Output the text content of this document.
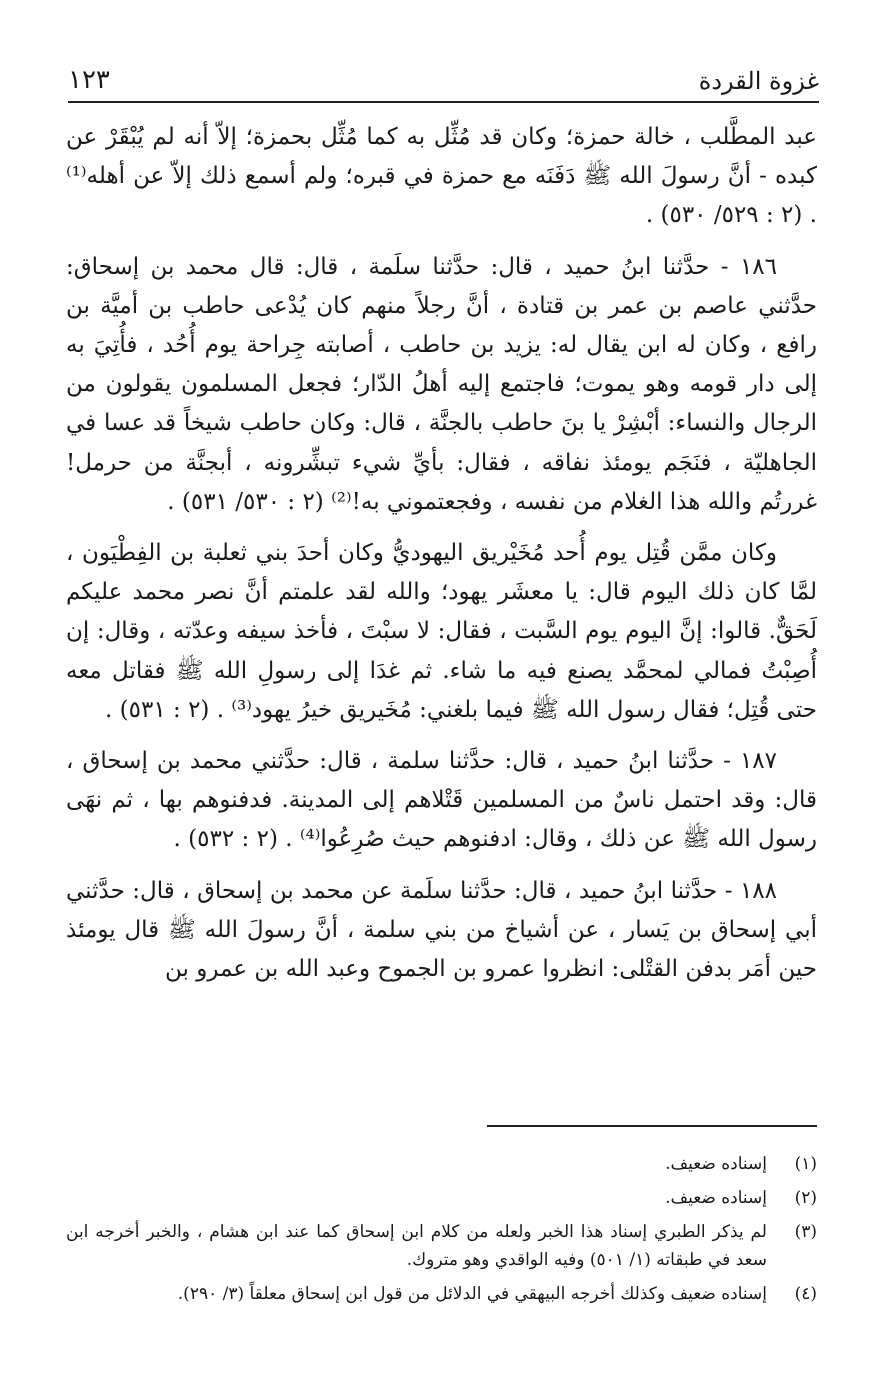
غزوة القردة
١٢٣

عبد المطَّلب ، خالة حمزة؛ وكان قد مُثِّل به كما مُثِّل بحمزة؛ إلاّ أنه لم يُبْقَرْ عن كبده - أنَّ رسولَ الله ﷺ دَفَنَه مع حمزة في قبره؛ ولم أسمع ذلك إلاّ عن أهله⁽¹⁾ . (٢ : ٥٢٩/ ٥٣٠) .

١٨٦ - حدَّثنا ابنُ حميد ، قال: حدَّثنا سلَمة ، قال: قال محمد بن إسحاق: حدَّثني عاصم بن عمر بن قتادة ، أنَّ رجلاً منهم كان يُدْعى حاطب بن أميَّة بن رافع ، وكان له ابن يقال له: يزيد بن حاطب ، أصابته جِراحة يوم أُحُد ، فأُتِيَ به إلى دار قومه وهو يموت؛ فاجتمع إليه أهلُ الدّار؛ فجعل المسلمون يقولون من الرجال والنساء: أبْشِرْ يا بنَ حاطب بالجنَّة ، قال: وكان حاطب شيخاً قد عسا في الجاهليّة ، فنَجَم يومئذ نفاقه ، فقال: بأيِّ شيء تبشِّرونه ، أبجنَّة من حرمل! غررتُم والله هذا الغلام من نفسه ، وفجعتموني به!⁽²⁾ (٢ : ٥٣٠/ ٥٣١) .

وكان ممَّن قُتِل يوم أُحد مُخَيْريق اليهوديُّ وكان أحدَ بني ثعلبة بن الفِطْيَون ، لمَّا كان ذلك اليوم قال: يا معشَر يهود؛ والله لقد علمتم أنَّ نصر محمد عليكم لَحَقٌّ. قالوا: إنَّ اليوم يوم السَّبت ، فقال: لا سبْتَ ، فأخذ سيفه وعدّته ، وقال: إن أُصِبْتُ فمالي لمحمَّد يصنع فيه ما شاء. ثم غدَا إلى رسولِ الله ﷺ فقاتل معه حتى قُتِل؛ فقال رسول الله ﷺ فيما بلغني: مُخَيريق خيرُ يهود⁽³⁾ . (٢ : ٥٣١) .

١٨٧ - حدَّثنا ابنُ حميد ، قال: حدَّثنا سلمة ، قال: حدَّثني محمد بن إسحاق ، قال: وقد احتمل ناسٌ من المسلمين قَتْلاهم إلى المدينة. فدفنوهم بها ، ثم نهَى رسول الله ﷺ عن ذلك ، وقال: ادفنوهم حيث صُرِعُوا⁽⁴⁾ . (٢ : ٥٣٢) .

١٨٨ - حدَّثنا ابنُ حميد ، قال: حدَّثنا سلَمة عن محمد بن إسحاق ، قال: حدَّثني أبي إسحاق بن يَسار ، عن أشياخ من بني سلمة ، أنَّ رسولَ الله ﷺ قال يومئذ حين أمَر بدفن القتْلى: انظروا عمرو بن الجموح وعبد الله بن عمرو بن

(١)
إسناده ضعيف.
(٢)
إسناده ضعيف.
(٣)
لم يذكر الطبري إسناد هذا الخبر ولعله من كلام ابن إسحاق كما عند ابن هشام ، والخبر أخرجه ابن سعد في طبقاته (١/ ٥٠١) وفيه الواقدي وهو متروك.
(٤)
إسناده ضعيف وكذلك أخرجه البيهقي في الدلائل من قول ابن إسحاق معلقاً (٣/ ٢٩٠).
